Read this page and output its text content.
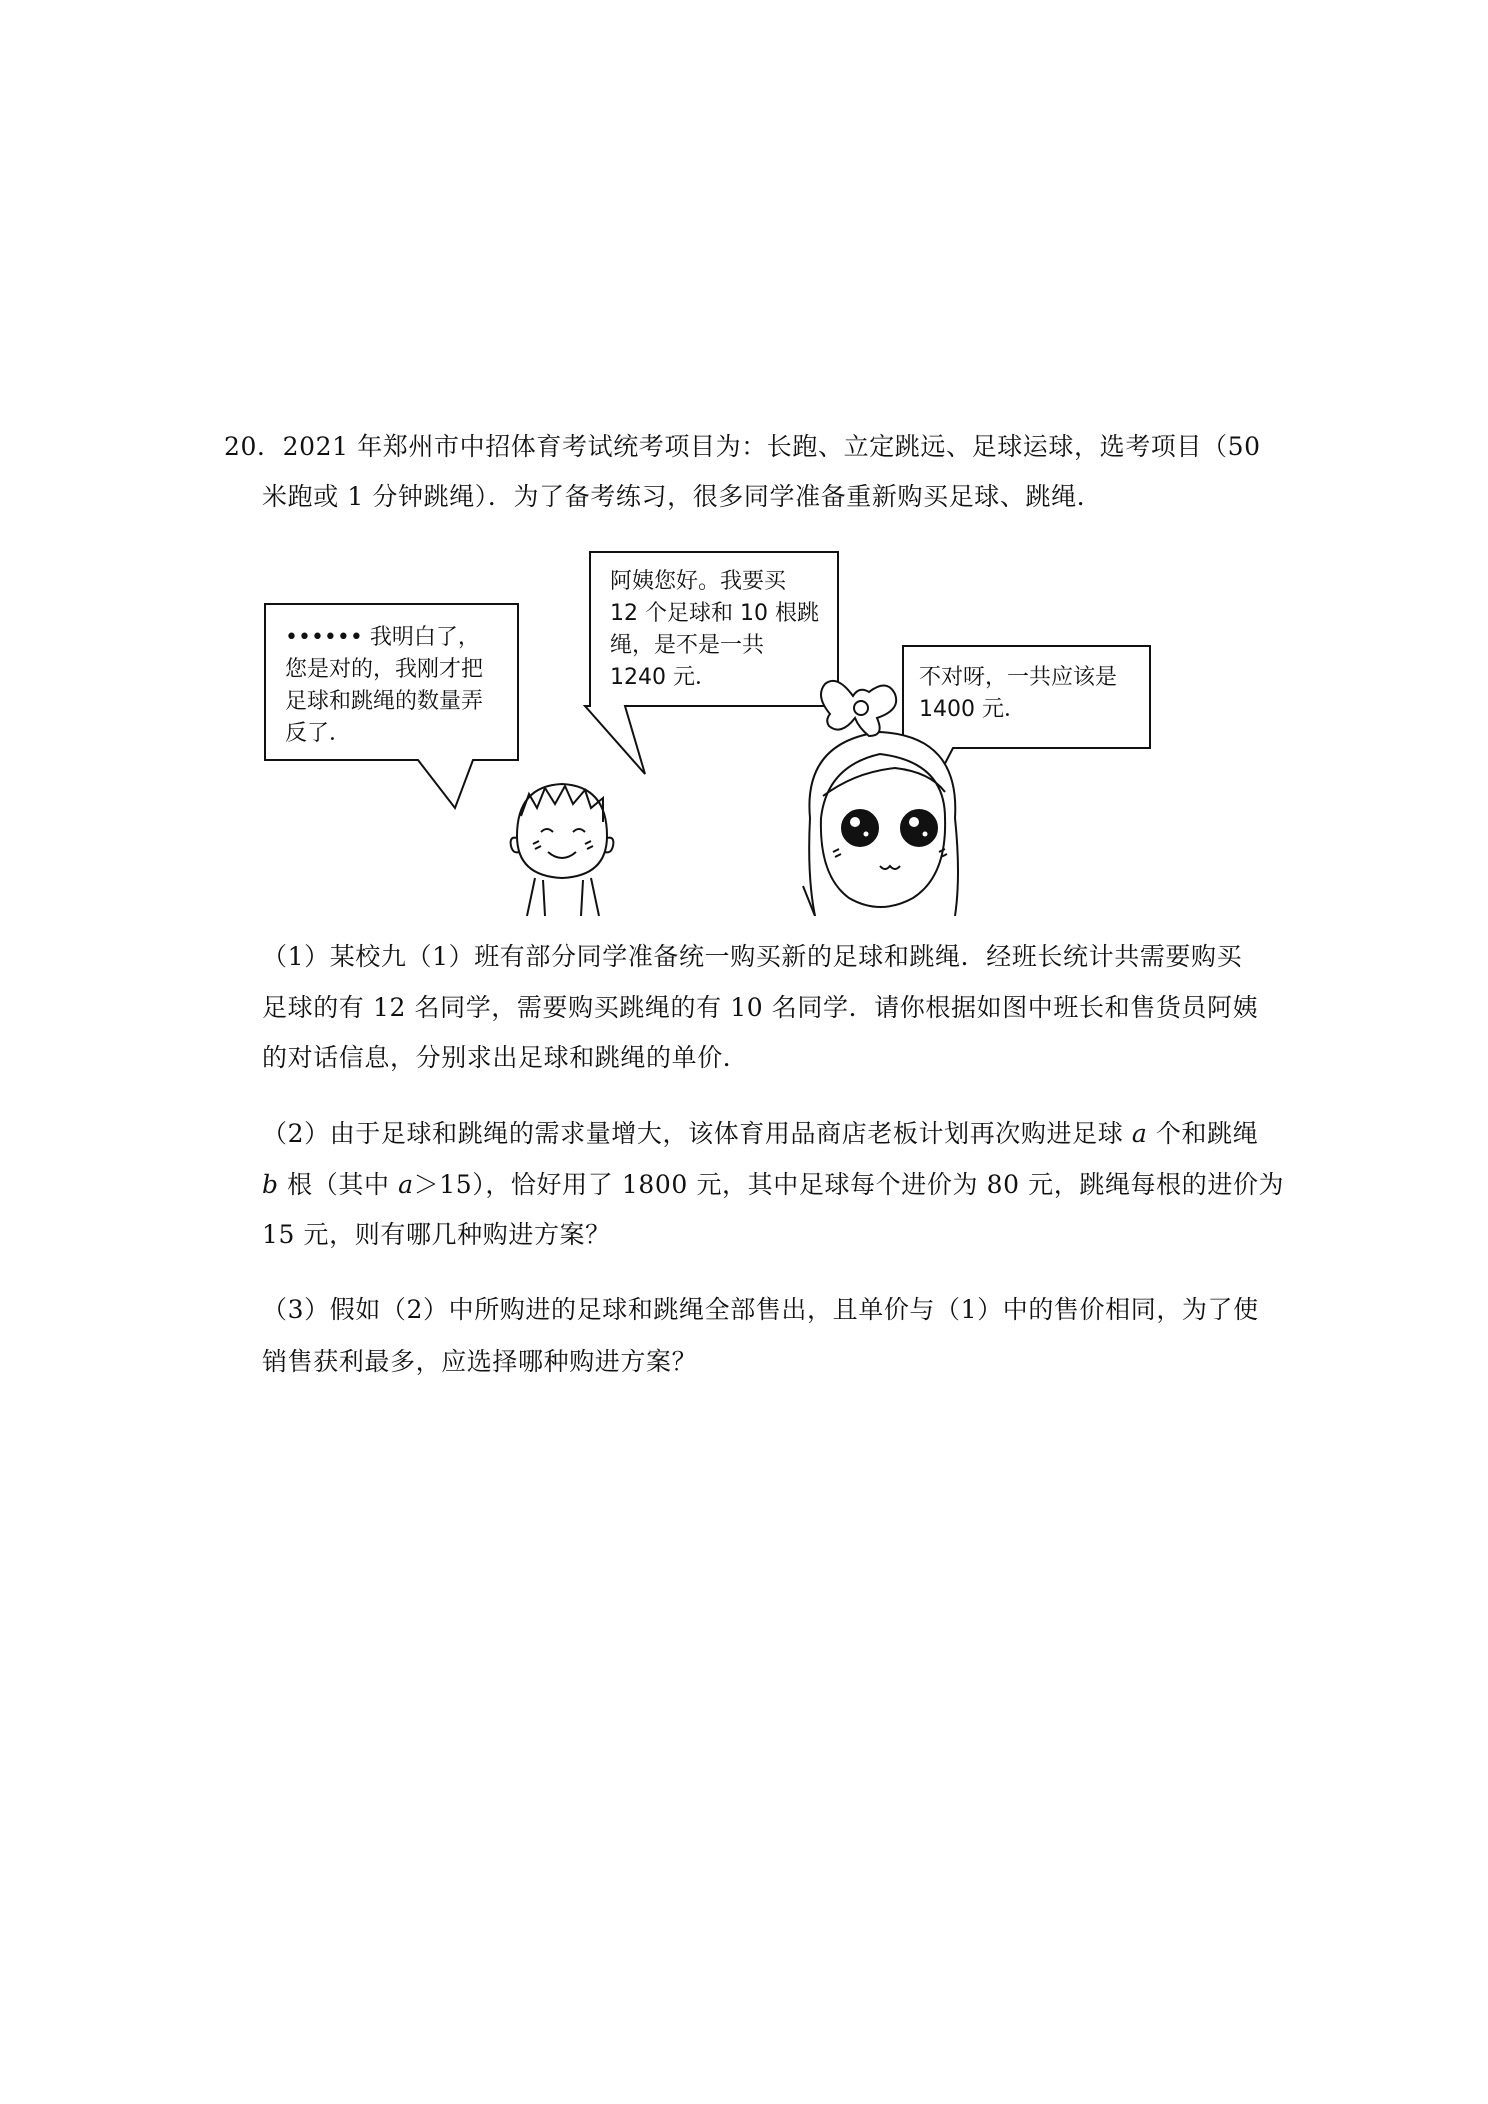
20．2021 年郑州市中招体育考试统考项目为：长跑、立定跳远、足球运球，选考项目（50
米跑或 1 分钟跳绳）．为了备考练习，很多同学准备重新购买足球、跳绳．
•••••• 我明白了，
您是对的，我刚才把
足球和跳绳的数量弄
反了．
阿姨您好。我要买
12 个足球和 10 根跳
绳，是不是一共
1240 元．	不对呀，一共应该是
1400 元．
（1）某校九（1）班有部分同学准备统一购买新的足球和跳绳．经班长统计共需要购买
足球的有 12 名同学，需要购买跳绳的有 10 名同学．请你根据如图中班长和售货员阿姨
的对话信息，分别求出足球和跳绳的单价．
（2）由于足球和跳绳的需求量增大，该体育用品商店老板计划再次购进足球 a 个和跳绳
b 根（其中 a＞15），恰好用了 1800 元，其中足球每个进价为 80 元，跳绳每根的进价为
15 元，则有哪几种购进方案？
（3）假如（2）中所购进的足球和跳绳全部售出，且单价与（1）中的售价相同，为了使
销售获利最多，应选择哪种购进方案？
